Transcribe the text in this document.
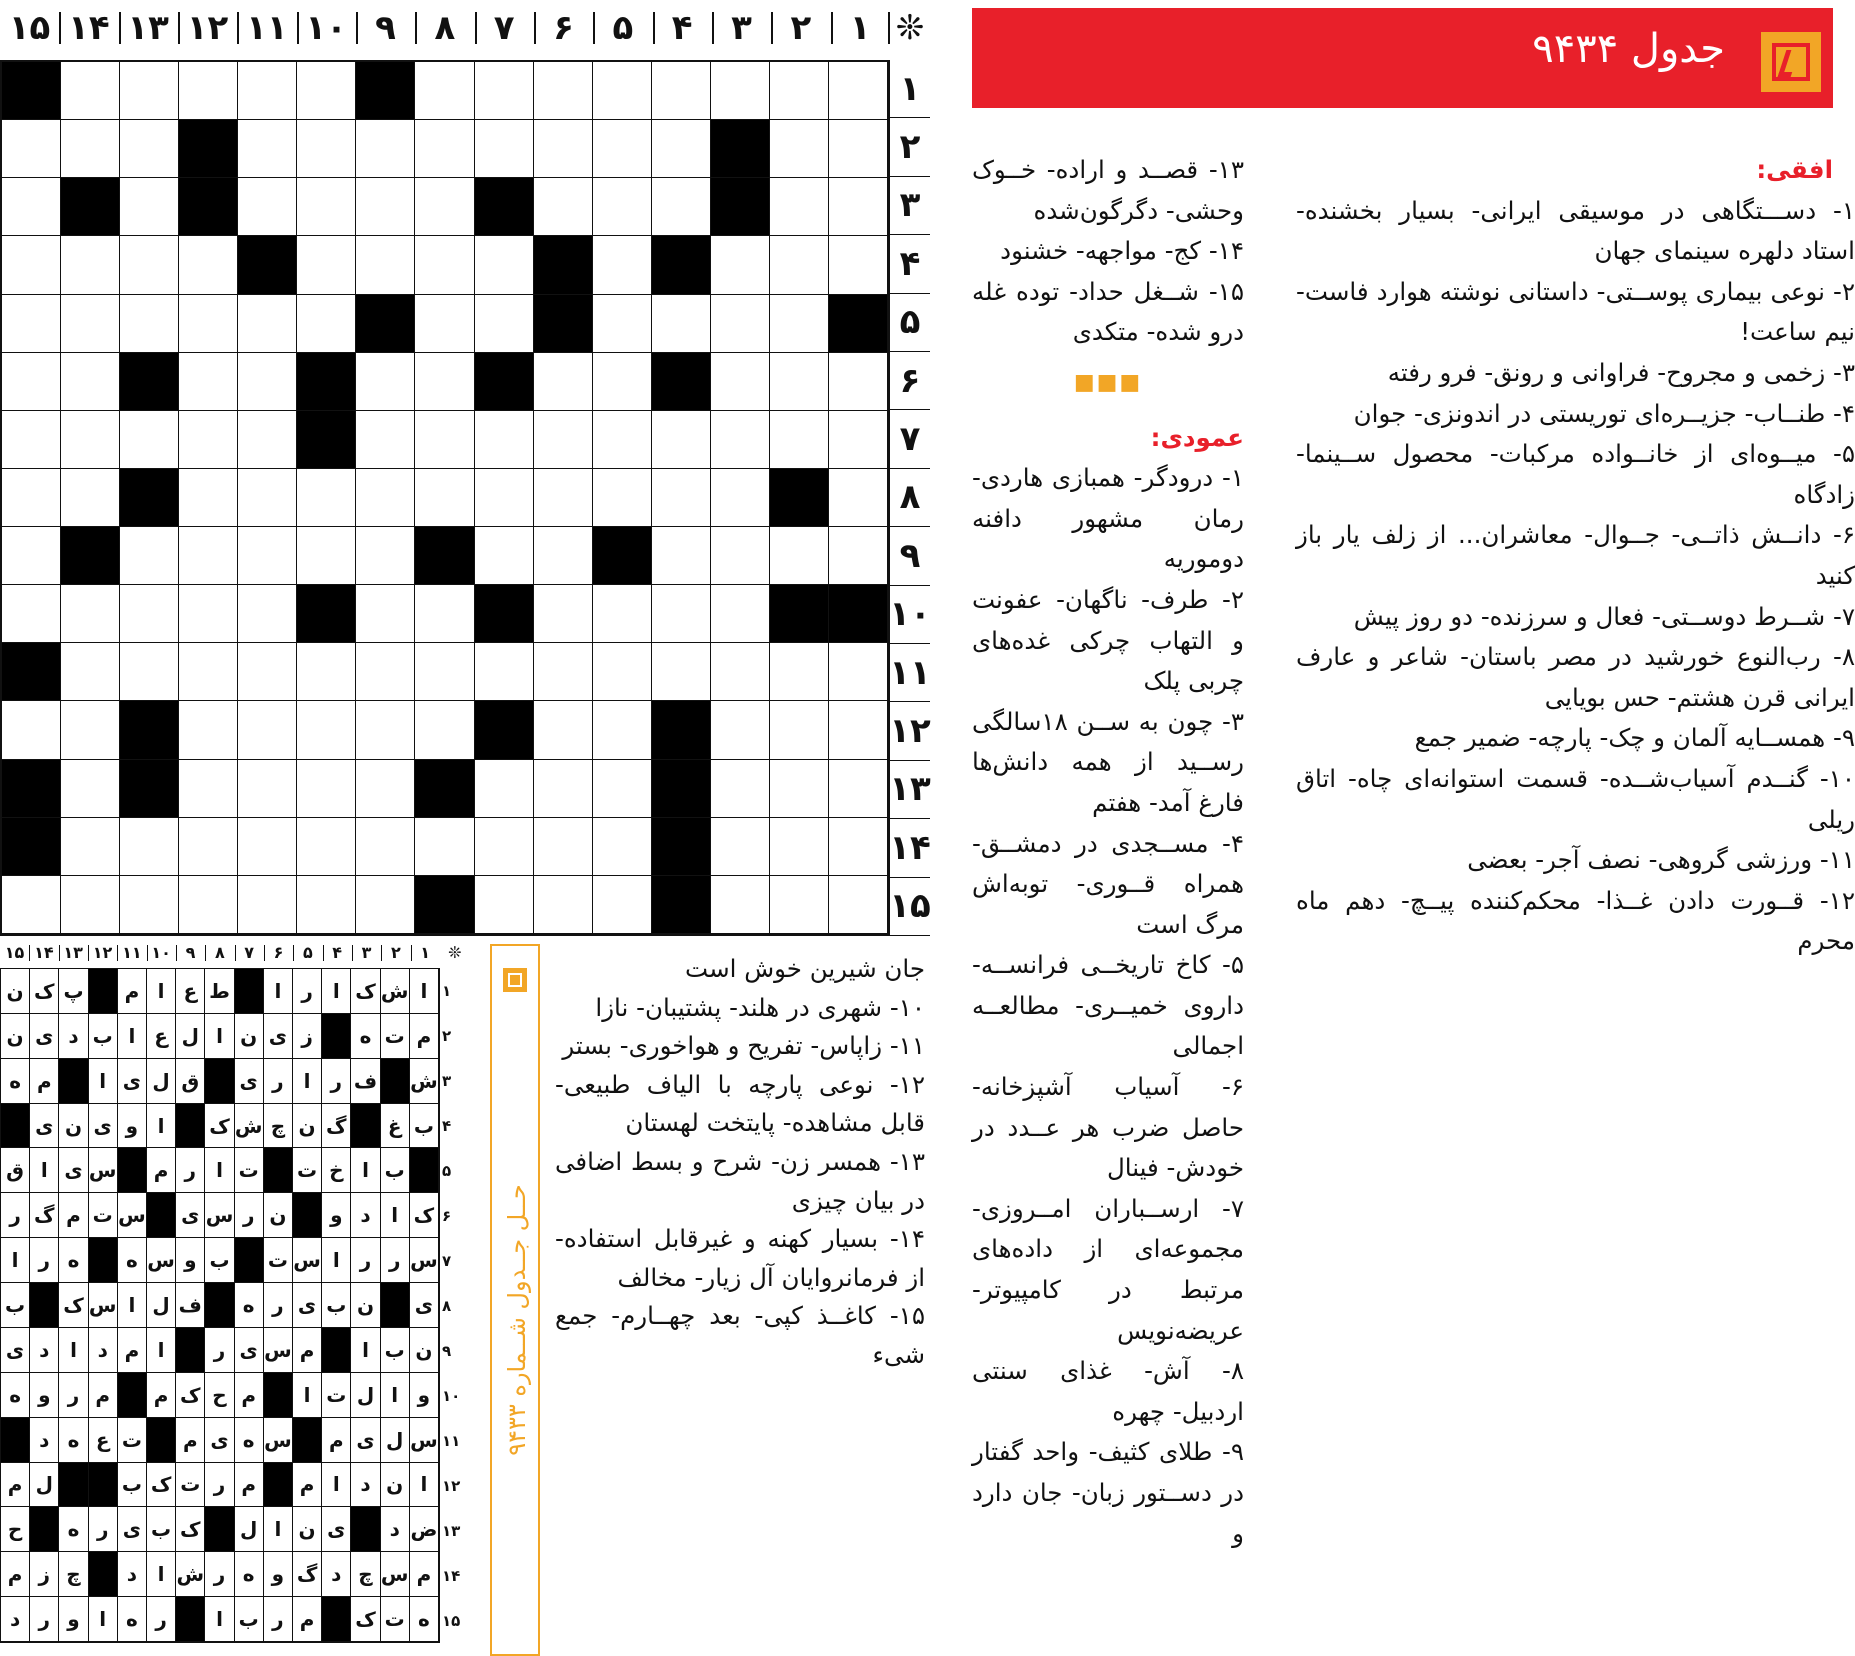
❊
۱
۲
۳
۴
۵
۶
۷
۸
۹
۱۰
۱۱
۱۲
۱۳
۱۴
۱۵
۱
۲
۳
۴
۵
۶
۷
۸
۹
۱۰
۱۱
۱۲
۱۳
۱۴
۱۵
جدول ۹۴۳۴

افقی:

۱- دســـتگاهی در موسیقی ایرانی- بسیار بخشنده- استاد دلهره سینمای جهان

۲- نوعی بیماری پوســتی- داستانی نوشته هوارد فاست- نیم ساعت!

۳- زخمی و مجروح- فراوانی و رونق- فرو رفته

۴- طنــاب- جزیــره‌ای توریستی در اندونزی- جوان

۵- میــوه‌ای از خانــواده مرکبات- محصول ســینما- زادگاه

۶- دانــش ذاتــی- جــوال- معاشران... از زلف یار باز کنید

۷- شــرط دوســتی- فعال و سرزنده- دو روز پیش

۸- رب‌النوع خورشید در مصر باستان- شاعر و عارف ایرانی قرن هشتم- حس بویایی

۹- همســایه آلمان و چک- پارچه- ضمیر جمع

۱۰- گنــدم آسیاب‌شــده- قسمت استوانه‌ای چاه- اتاق ریلی

۱۱- ورزشی گروهی- نصف آجر- بعضی

۱۲- قــورت دادن غــذا- محکم‌کننده پیــچ- دهم ماه محرم

۱۳- قصــد و اراده- خــوک وحشی- دگرگون‌شده

۱۴- کج- مواجهه- خشنود

۱۵- شــغل حداد- توده غله درو شده- متکدی

■■■

عمودی:

۱- درودگر- همبازی هاردی- رمان مشهور دافنه دوموریه

۲- طرف- ناگهان- عفونت و التهاب چرکی غده‌های چربی پلک

۳- چون به ســن ۱۸سالگی رســید از همه دانش‌ها فارغ آمد- هفتم

۴- مســجدی در دمشــق- همراه قــوری- توبه‌اش مرگ است

۵- کاخ تاریخــی فرانســه- داروی خمیــری- مطالعــه اجمالی

۶- آسیاب آشپزخانه- حاصل ضرب هر عــدد در خودش- فینال

۷- ارســباران امــروزی- مجموعه‌ای از داده‌های مرتبط در کامپیوتر- عریضه‌نویس

۸- آش- غذای سنتی اردبیل- چهره

۹- طلای کثیف- واحد گفتار در دســتور زبان- جان دارد و

جان شیرین خوش است

۱۰- شهری در هلند- پشتیبان- نازا

۱۱- زاپاس- تفریح و هواخوری- بستر

۱۲- نوعی پارچه با الیاف طبیعی- قابل مشاهده- پایتخت لهستان

۱۳- همسر زن- شرح و بسط اضافی در بیان چیزی

۱۴- بسیار کهنه و غیرقابل استفاده- از فرمانروایان آل زیار- مخالف

۱۵- کاغــذ کپی- بعد چهــارم- جمع شیء

حــل جــدول شــماره ۹۴۳۳
❊
۱
۲
۳
۴
۵
۶
۷
۸
۹
۱۰
۱۱
۱۲
۱۳
۱۴
۱۵
ن ک پ	م ا ع ط	ا	ر	ا ک ش ا
ن ی د ب ا ع ل ا ن ی ز	ه ت م
ه م	ا ی ل ق	ی ر	ا	ر ف ش
ی ن ی و ا	ک ش چ ن گ	غ ب
ق ا ی س	م ر	ا ت ت خ ا ب
ر گ م ت س ی س ر ن	و د	ا ک
ا	ر ه	ه س و ب ت س ا	ر ر س
ب ک س ا ل ف	ه ر ی ب ن	ی
ی د	ا	د م ا	ر ی س م	ا ب ن
ه و ر م	م ک ح م	ا ت ل ا و
د ه ع ت	م ی ه س	م ی ل س
م ل	ب ک ت ر م	م ا	د ن ا
ح	ه ر ی ب ک ل ا ن ی	د ض
م ز چ	د	ا ش ر ه و گ د چ س م
د ر و ا ه ر	ا ب ر م	ک ت ه
۱
۲
۳
۴
۵
۶
۷
۸
۹
۱۰
۱۱
۱۲
۱۳
۱۴
۱۵
